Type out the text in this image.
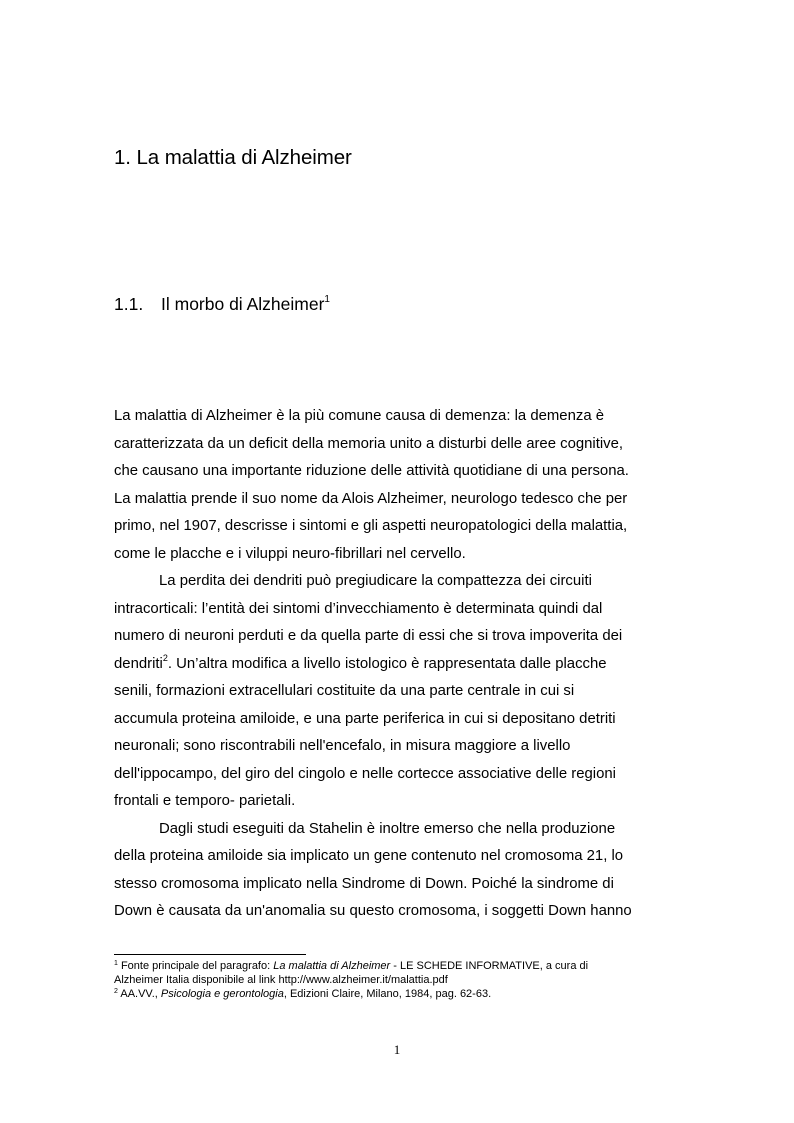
1. La malattia di Alzheimer
1.1. Il morbo di Alzheimer$^1$

La malattia di Alzheimer è la più comune causa di demenza: la demenza è
caratterizzata da un deficit della memoria unito a disturbi delle aree cognitive,
che causano una importante riduzione delle attività quotidiane di una persona.
La malattia prende il suo nome da Alois Alzheimer, neurologo tedesco che per
primo, nel 1907, descrisse i sintomi e gli aspetti neuropatologici della malattia,
come le placche e i viluppi neuro-fibrillari nel cervello.

La perdita dei dendriti può pregiudicare la compattezza dei circuiti
intracorticali: l’entità dei sintomi d’invecchiamento è determinata quindi dal
numero di neuroni perduti e da quella parte di essi che si trova impoverita dei
dendriti$^2$. Un’altra modifica a livello istologico è rappresentata dalle placche
senili, formazioni extracellulari costituite da una parte centrale in cui si
accumula proteina amiloide, e una parte periferica in cui si depositano detriti
neuronali; sono riscontrabili nell'encefalo, in misura maggiore a livello
dell'ippocampo, del giro del cingolo e nelle cortecce associative delle regioni
frontali e temporo- parietali.

Dagli studi eseguiti da Stahelin è inoltre emerso che nella produzione
della proteina amiloide sia implicato un gene contenuto nel cromosoma 21, lo
stesso cromosoma implicato nella Sindrome di Down. Poiché la sindrome di
Down è causata da un'anomalia su questo cromosoma, i soggetti Down hanno

$^1$ Fonte principale del paragrafo: La malattia di Alzheimer - LE SCHEDE INFORMATIVE, a cura di
Alzheimer Italia disponibile al link http://www.alzheimer.it/malattia.pdf

$^2$ AA.VV., Psicologia e gerontologia, Edizioni Claire, Milano, 1984, pag. 62-63.

1
